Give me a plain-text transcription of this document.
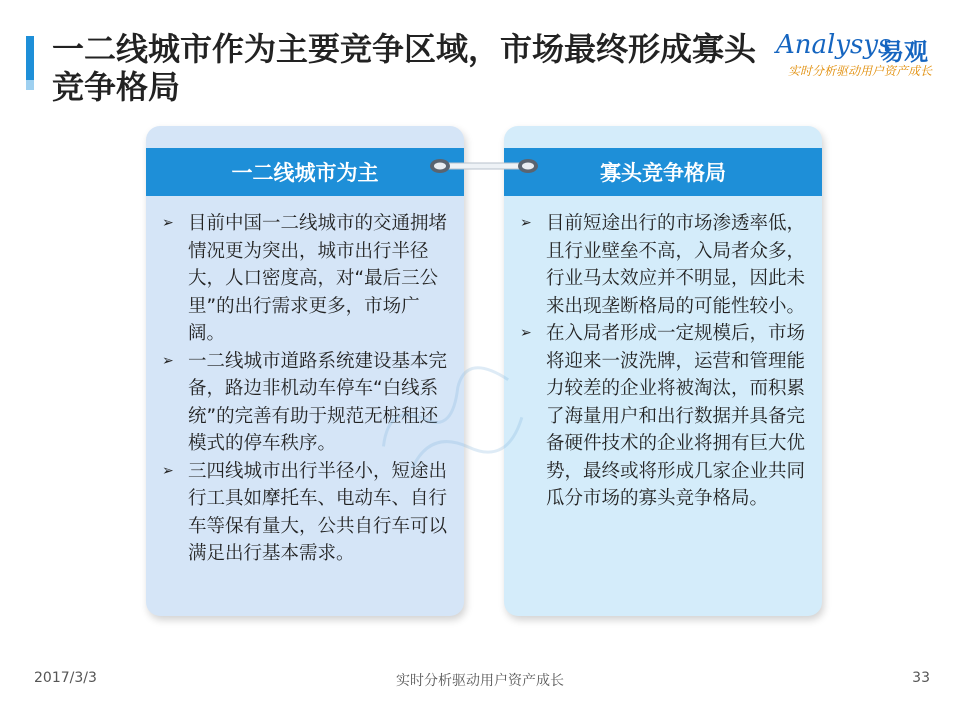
一二线城市作为主要竞争区域，市场最终形成寡头竞争格局
Analysys
易观
实时分析驱动用户资产成长
一二线城市为主
➢ 目前中国一二线城市的交通拥堵情况更为突出，城市出行半径大，人口密度高，对“最后三公里”的出行需求更多，市场广阔。
➢ 一二线城市道路系统建设基本完备，路边非机动车停车“白线系统”的完善有助于规范无桩租还模式的停车秩序。
➢ 三四线城市出行半径小，短途出行工具如摩托车、电动车、自行车等保有量大，公共自行车可以满足出行基本需求。
寡头竞争格局
➢ 目前短途出行的市场渗透率低，且行业壁垒不高，入局者众多，行业马太效应并不明显，因此未来出现垄断格局的可能性较小。
➢ 在入局者形成一定规模后，市场将迎来一波洗牌，运营和管理能力较差的企业将被淘汰，而积累了海量用户和出行数据并具备完备硬件技术的企业将拥有巨大优势，最终或将形成几家企业共同瓜分市场的寡头竞争格局。
2017/3/3	实时分析驱动用户资产成长	33
